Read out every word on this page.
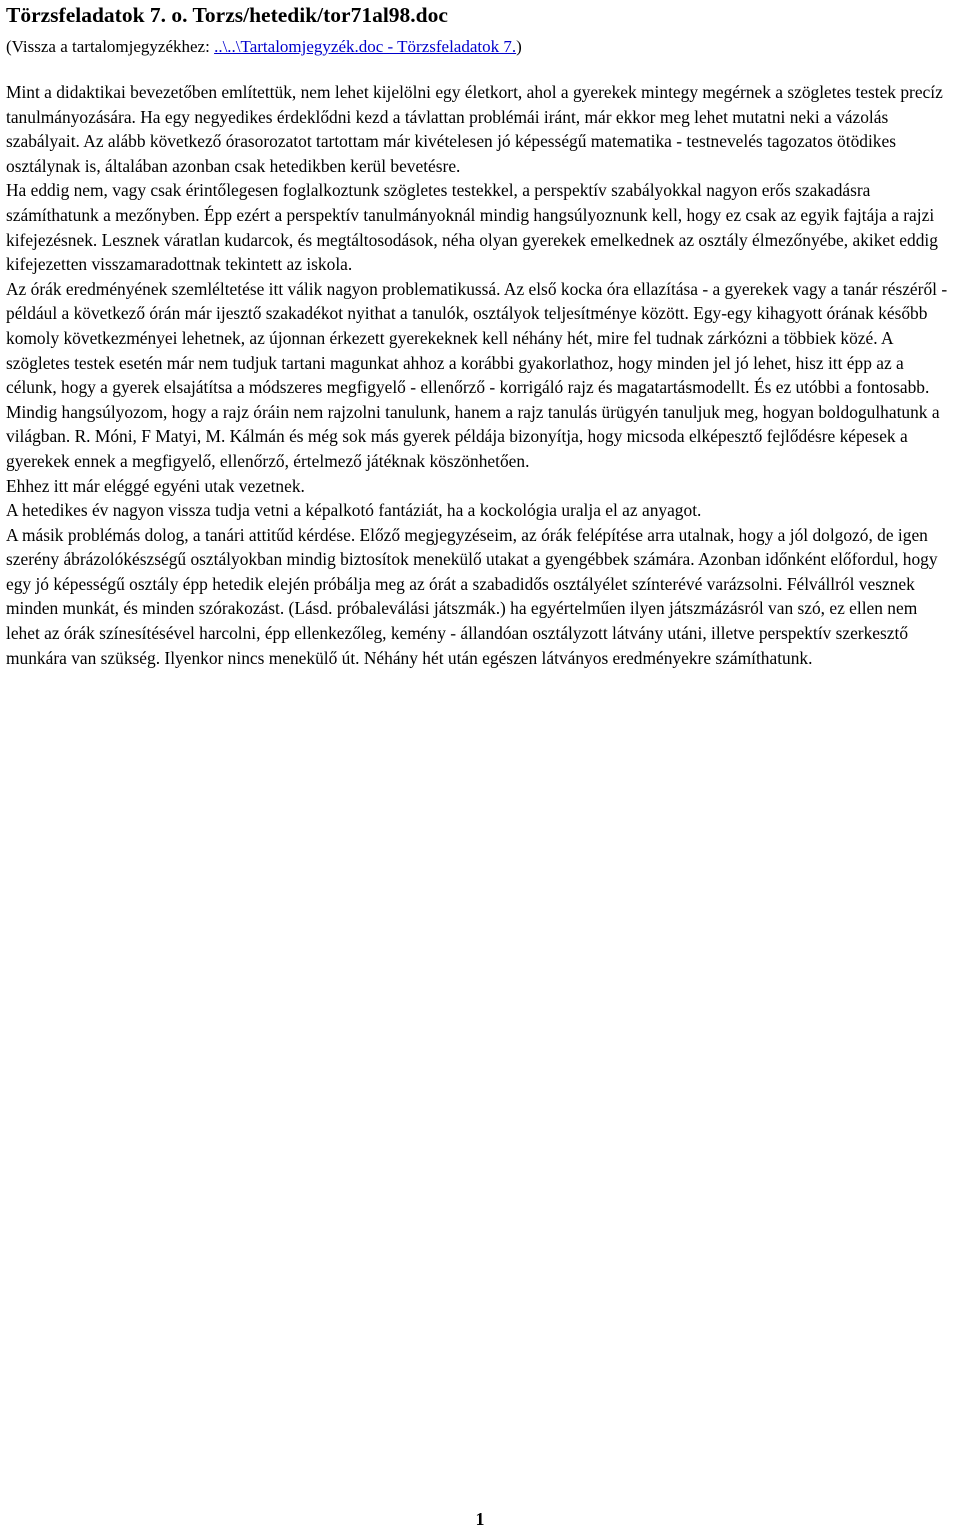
Törzsfeladatok 7. o. Torzs/hetedik/tor71al98.doc
(Vissza a tartalomjegyzékhez: ..\..\Tartalomjegyzék.doc - Törzsfeladatok 7.)

Mint a didaktikai bevezetőben említettük, nem lehet kijelölni egy életkort, ahol a gyerekek mintegy megérnek a szögletes testek precíz tanulmányozására. Ha egy negyedikes érdeklődni kezd a távlattan problémái iránt, már ekkor meg lehet mutatni neki a vázolás szabályait. Az alább következő órasorozatot tartottam már kivételesen jó képességű matematika - testnevelés tagozatos ötödikes osztálynak is, általában azonban csak hetedikben kerül bevetésre.

Ha eddig nem, vagy csak érintőlegesen foglalkoztunk szögletes testekkel, a perspektív szabályokkal nagyon erős szakadásra számíthatunk a mezőnyben. Épp ezért a perspektív tanulmányoknál mindig hangsúlyoznunk kell, hogy ez csak az egyik fajtája a rajzi kifejezésnek. Lesznek váratlan kudarcok, és megtáltosodások, néha olyan gyerekek emelkednek az osztály élmezőnyébe, akiket eddig kifejezetten visszamaradottnak tekintett az iskola.

Az órák eredményének szemléltetése itt válik nagyon problematikussá. Az első kocka óra ellazítása - a gyerekek vagy a tanár részéről - például a következő órán már ijesztő szakadékot nyithat a tanulók, osztályok teljesítménye között. Egy-egy kihagyott órának később komoly következményei lehetnek, az újonnan érkezett gyerekeknek kell néhány hét, mire fel tudnak zárkózni a többiek közé. A szögletes testek esetén már nem tudjuk tartani magunkat ahhoz a korábbi gyakorlathoz, hogy minden jel jó lehet, hisz itt épp az a célunk, hogy a gyerek elsajátítsa a módszeres megfigyelő - ellenőrző - korrigáló rajz és magatartásmodellt. És ez utóbbi a fontosabb. Mindig hangsúlyozom, hogy a rajz óráin nem rajzolni tanulunk, hanem a rajz tanulás ürügyén tanuljuk meg, hogyan boldogulhatunk a világban. R. Móni, F Matyi, M. Kálmán és még sok más gyerek példája bizonyítja, hogy micsoda elképesztő fejlődésre képesek a gyerekek ennek a megfigyelő, ellenőrző, értelmező játéknak köszönhetően.

Ehhez itt már eléggé egyéni utak vezetnek.

A hetedikes év nagyon vissza tudja vetni a képalkotó fantáziát, ha a kockológia uralja el az anyagot.

A másik problémás dolog, a tanári attitűd kérdése. Előző megjegyzéseim, az órák felépítése arra utalnak, hogy a jól dolgozó, de igen szerény ábrázolókészségű osztályokban mindig biztosítok menekülő utakat a gyengébbek számára. Azonban időnként előfordul, hogy egy jó képességű osztály épp hetedik elején próbálja meg az órát a szabadidős osztályélet színterévé varázsolni. Félvállról vesznek minden munkát, és minden szórakozást. (Lásd. próbaleválási játszmák.) ha egyértelműen ilyen játszmázásról van szó, ez ellen nem lehet az órák színesítésével harcolni, épp ellenkezőleg, kemény - állandóan osztályzott látvány utáni, illetve perspektív szerkesztő munkára van szükség. Ilyenkor nincs menekülő út. Néhány hét után egészen látványos eredményekre számíthatunk.

1
